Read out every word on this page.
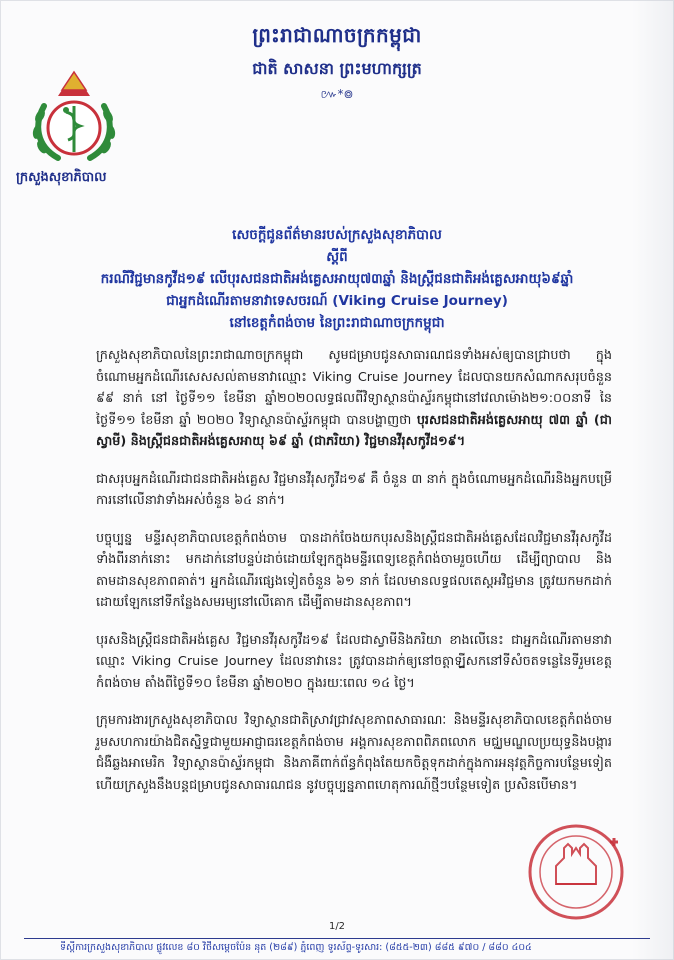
ព្រះរាជាណាចក្រកម្ពុជា
ជាតិ សាសនា ព្រះមហាក្សត្រ
៚*៙
ក្រសួងសុខាភិបាល
សេចក្ដីជូនព័ត៌មានរបស់ក្រសួងសុខាភិបាល
ស្ដីពី
ករណីវិជ្ជមានកូវីដ១៩ លើបុរសជនជាតិអង់គ្លេសអាយុ៧៣ឆ្នាំ និងស្ត្រីជនជាតិអង់គ្លេសអាយុ៦៩ឆ្នាំ
ជាអ្នកដំណើរតាមនាវាទេសចរណ៍ (Viking Cruise Journey)
នៅខេត្តកំពង់ចាម នៃព្រះរាជាណាចក្រកម្ពុជា

ក្រសួងសុខាភិបាលនៃព្រះរាជាណាចក្រកម្ពុជា សូមជម្រាបជូនសាធារណជនទាំងអស់ឲ្យបានជ្រាបថា ក្នុង ចំណោមអ្នកដំណើរសេសសល់តាមនាវាឈ្មោះ Viking Cruise Journey ដែលបានយកសំណាកសរុបចំនួន ៩៩ នាក់ នៅ ថ្ងៃទី១១ ខែមីនា ឆ្នាំ២០២០លទ្ធផលពីវិទ្យាស្ថានប៉ាស្ទ័រកម្ពុជានៅវេលាម៉ោង២១:០០នាទី នៃថ្ងៃទី១១ ខែមីនា ឆ្នាំ ២០២០ វិទ្យាស្ថានប៉ាស្ទ័រកម្ពុជា បានបង្ហាញថា បុរសជនជាតិអង់គ្លេសអាយុ ៧៣ ឆ្នាំ (ជាស្វាមី) និងស្ត្រីជនជាតិអង់គ្លេសអាយុ ៦៩ ឆ្នាំ (ជាភរិយា) វិជ្ជមានវីរុសកូវីដ១៩។

ជាសរុបអ្នកដំណើរជាជនជាតិអង់គ្លេស វិជ្ជមានវីរុសកូវីដ១៩ គឺ ចំនួន ៣ នាក់ ក្នុងចំណោមអ្នកដំណើរនិងអ្នកបម្រើការនៅលើនាវាទាំងអស់ចំនួន ៦៤ នាក់។

បច្ចុប្បន្ន មន្ទីរសុខាភិបាលខេត្តកំពង់ចាម បានដាក់ចែងយកបុរសនិងស្ត្រីជនជាតិអង់គ្លេសដែលវិជ្ជមានវីរុសកូវីដទាំងពីរនាក់នោះ មកដាក់នៅបន្ទប់ដាច់ដោយឡែកក្នុងមន្ទីរពេទ្យខេត្តកំពង់ចាមរួចហើយ ដើម្បីព្យាបាល និងតាមដានសុខភាពគាត់។ អ្នកដំណើរផ្សេងទៀតចំនួន ៦១ នាក់ ដែលមានលទ្ធផលតេស្តអវិជ្ជមាន ត្រូវយកមកដាក់ដោយឡែកនៅទីកន្លែងសមរម្យនៅលើគោក ដើម្បីតាមដានសុខភាព។

បុរសនិងស្ត្រីជនជាតិអង់គ្លេស វិជ្ជមានវីរុសកូវីដ១៩ ដែលជាស្វាមីនិងភរិយា ខាងលើនេះ ជាអ្នកដំណើរតាមនាវាឈ្មោះ Viking Cruise Journey ដែលនាវានេះ ត្រូវបានដាក់ឲ្យនៅចត្តាឡ្វីសកនៅទីសំចតទន្លេនៃទីរួមខេត្តកំពង់ចាម តាំងពីថ្ងៃទី១០ ខែមីនា ឆ្នាំ២០២០ ក្នុងរយៈពេល ១៤ ថ្ងៃ។

ក្រុមការងារក្រសួងសុខាភិបាល វិទ្យាស្ថានជាតិស្រាវជ្រាវសុខភាពសាធារណៈ និងមន្ទីរសុខាភិបាលខេត្តកំពង់ចាម រួមសហការយ៉ាងជិតស្និទ្ធជាមួយអាជ្ញាធរខេត្តកំពង់ចាម អង្គការសុខភាពពិភពលោក មជ្ឈមណ្ឌលប្រយុទ្ធនិងបង្ការជំងឺឆ្លងអាមេរិក វិទ្យាស្ថានប៉ាស្ទ័រកម្ពុជា និងភាគីពាក់ព័ន្ធកំពុងតែយកចិត្តទុកដាក់ក្នុងការអនុវត្តកិច្ចការបន្ថែមទៀត ហើយក្រសួងនឹងបន្តជម្រាបជូនសាធារណជន នូវបច្ចុប្បន្នភាពហេតុការណ៍ថ្មីៗបន្ថែមទៀត ប្រសិនបើមាន។

1/2
ទីស្ដីការក្រសួងសុខាភិបាល ផ្លូវលេខ ៨០ វិថីសម្ដេចប៉ែន នុត (២៨៩) ភ្នំពេញ ទូរស័ព្ទ-ទូរសារ: (៨៥៥-២៣) ៨៨៥ ៩៧០ / ៨៨០ ៤០៤
